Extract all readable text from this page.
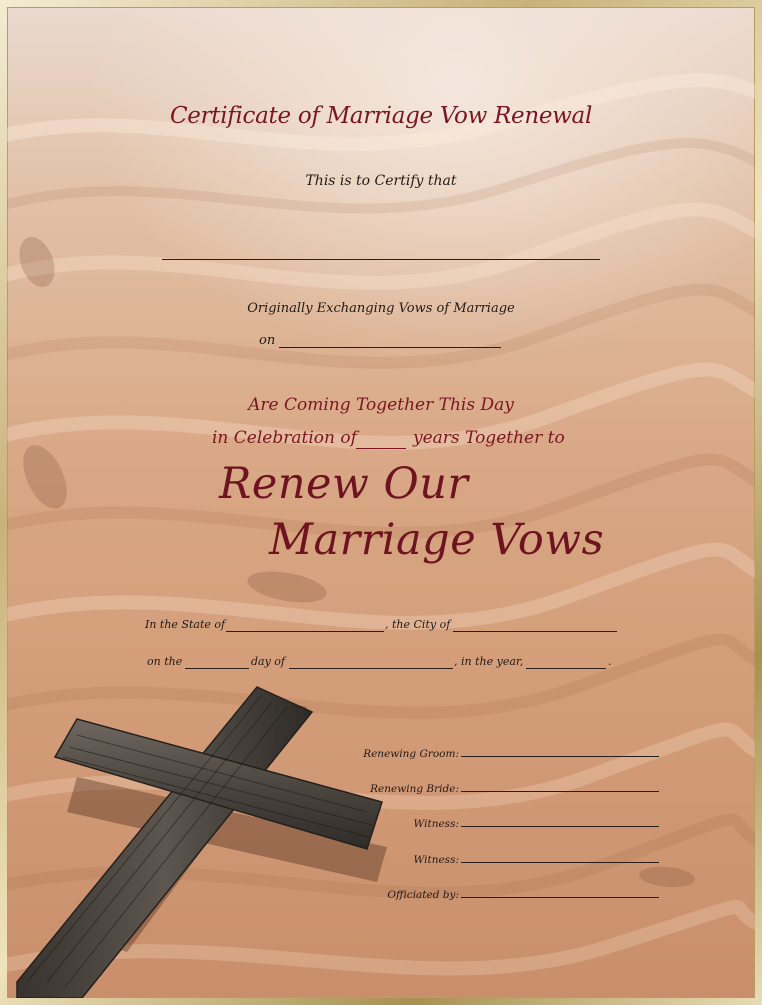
Certificate of Marriage Vow Renewal
This is to Certify that
Originally Exchanging Vows of Marriage
on
Are Coming Together This Day
in Celebration of	years Together to
Renew Our
Marriage Vows
In the State of	, the City of
on the	day of	, in the year,	.
Renewing Groom:
Renewing Bride:
Witness:
Witness:
Officiated by:
